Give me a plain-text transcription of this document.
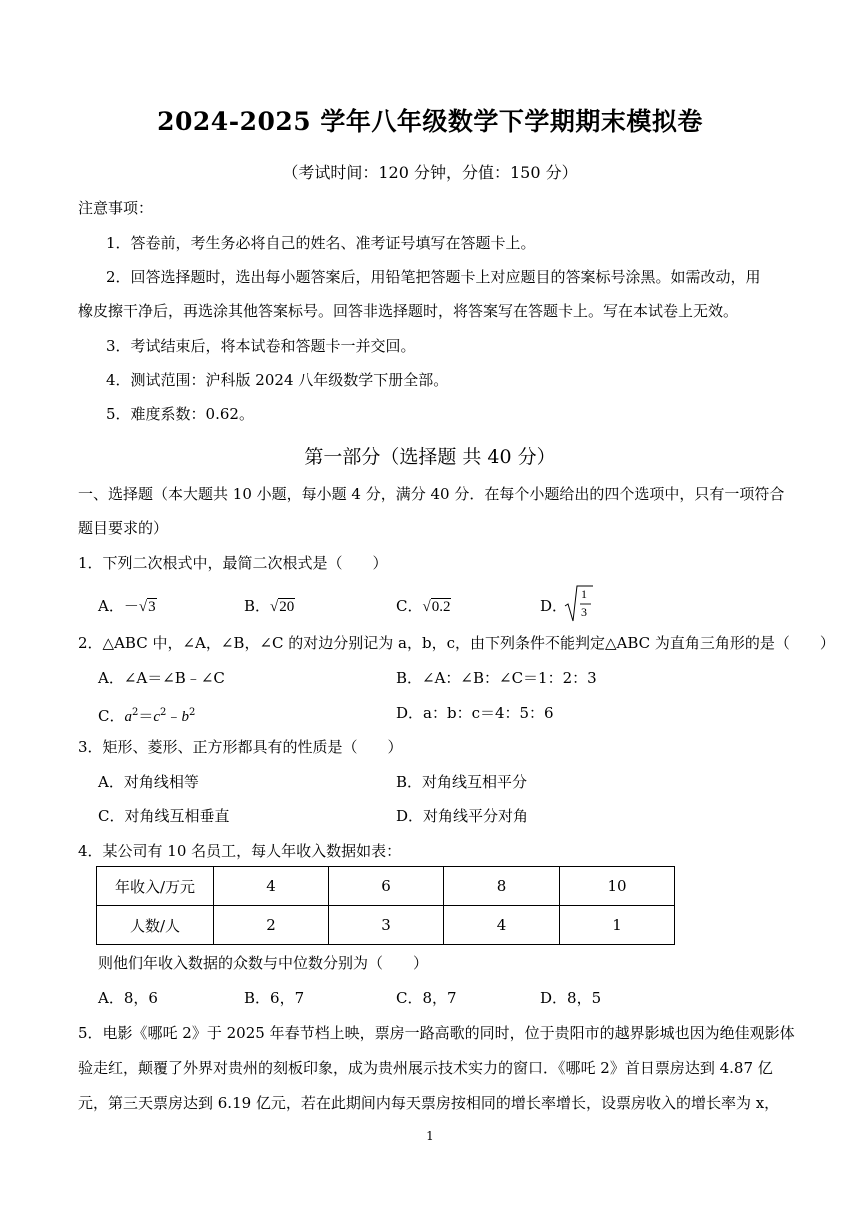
2024-2025 学年八年级数学下学期期末模拟卷
（考试时间：120 分钟，分值：150 分）
注意事项：
1．答卷前，考生务必将自己的姓名、准考证号填写在答题卡上。
2．回答选择题时，选出每小题答案后，用铅笔把答题卡上对应题目的答案标号涂黑。如需改动，用
橡皮擦干净后，再选涂其他答案标号。回答非选择题时，将答案写在答题卡上。写在本试卷上无效。
3．考试结束后，将本试卷和答题卡一并交回。
4．测试范围：沪科版 2024 八年级数学下册全部。
5．难度系数：0.62。
第一部分（选择题 共 40 分）
一、选择题（本大题共 10 小题，每小题 4 分，满分 40 分．在每个小题给出的四个选项中，只有一项符合
题目要求的）
1．下列二次根式中，最简二次根式是（　　）
A．－√3	B．√20	C．√0.2	D．
1
3
2．△ABC 中，∠A，∠B，∠C 的对边分别记为 a，b，c，由下列条件不能判定△ABC 为直角三角形的是（　　）
A．∠A＝∠B﹣∠C	B．∠A：∠B：∠C＝1：2：3
C．$a^2=c^2﹣b^2$	D．a：b：c＝4：5：6
3．矩形、菱形、正方形都具有的性质是（　　）
A．对角线相等	B．对角线互相平分
C．对角线互相垂直	D．对角线平分对角
4．某公司有 10 名员工，每人年收入数据如表：
年收入/万元	4	6	8	10
人数/人	2	3	4	1
则他们年收入数据的众数与中位数分别为（　　）
A．8，6	B．6，7	C．8，7	D．8，5
5．电影《哪吒 2》于 2025 年春节档上映，票房一路高歌的同时，位于贵阳市的越界影城也因为绝佳观影体
验走红，颠覆了外界对贵州的刻板印象，成为贵州展示技术实力的窗口．《哪吒 2》首日票房达到 4.87 亿
元，第三天票房达到 6.19 亿元，若在此期间内每天票房按相同的增长率增长，设票房收入的增长率为 x，
1
